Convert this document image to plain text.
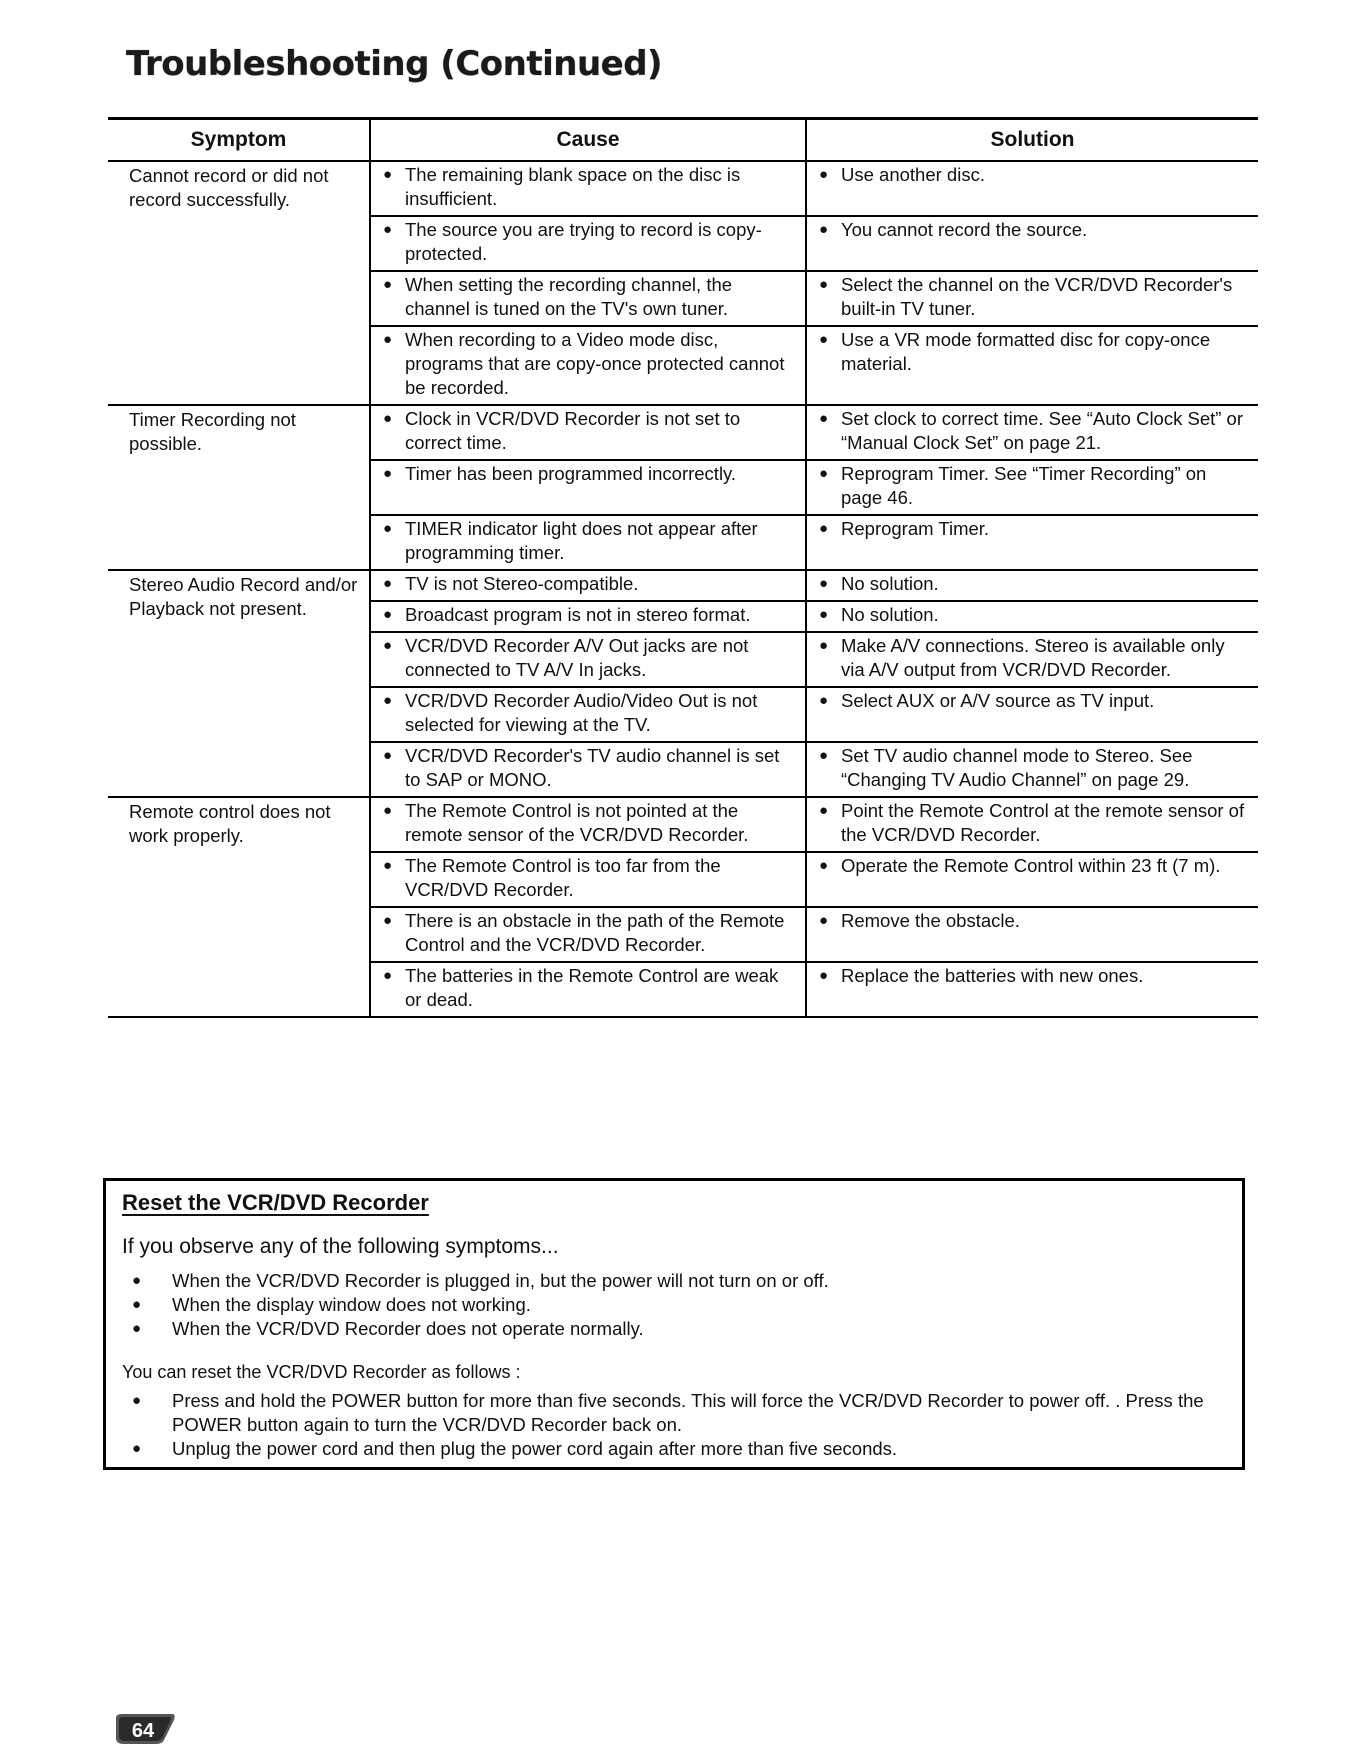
Troubleshooting (Continued)
Symptom	Cause	Solution
Cannot record or did not record successfully.	● The remaining blank space on the disc is insufficient.	● Use another disc.

	● The source you are trying to record is copy-protected.	● You cannot record the source.

	● When setting the recording channel, the channel is tuned on the TV's own tuner.	● Select the channel on the VCR/DVD Recorder's built-in TV tuner.

	● When recording to a Video mode disc, programs that are copy-once protected cannot be recorded.	● Use a VR mode formatted disc for copy-once material.

Timer Recording not possible.	● Clock in VCR/DVD Recorder is not set to correct time.	● Set clock to correct time. See “Auto Clock Set” or “Manual Clock Set” on page 21.

	● Timer has been programmed incorrectly.	● Reprogram Timer. See “Timer Recording” on page 46.

	● TIMER indicator light does not appear after programming timer.	● Reprogram Timer.

Stereo Audio Record and/or Playback not present.	● TV is not Stereo-compatible.	● No solution.

	● Broadcast program is not in stereo format.	● No solution.

	● VCR/DVD Recorder A/V Out jacks are not connected to TV A/V In jacks.	● Make A/V connections. Stereo is available only via A/V output from VCR/DVD Recorder.

	● VCR/DVD Recorder Audio/Video Out is not selected for viewing at the TV.	● Select AUX or A/V source as TV input.

	● VCR/DVD Recorder's TV audio channel is set to SAP or MONO.	● Set TV audio channel mode to Stereo. See “Changing TV Audio Channel” on page 29.

Remote control does not work properly.	● The Remote Control is not pointed at the remote sensor of the VCR/DVD Recorder.	● Point the Remote Control at the remote sensor of the VCR/DVD Recorder.

	● The Remote Control is too far from the VCR/DVD Recorder.	● Operate the Remote Control within 23 ft (7 m).

	● There is an obstacle in the path of the Remote Control and the VCR/DVD Recorder.	● Remove the obstacle.

	● The batteries in the Remote Control are weak or dead.	● Replace the batteries with new ones.
Reset the VCR/DVD Recorder
If you observe any of the following symptoms...
●	When the VCR/DVD Recorder is plugged in, but the power will not turn on or off.
●	When the display window does not working.
●	When the VCR/DVD Recorder does not operate normally.
You can reset the VCR/DVD Recorder as follows :
●	Press and hold the POWER button for more than five seconds. This will force the VCR/DVD Recorder to power off. . Press the POWER button again to turn the VCR/DVD Recorder back on.
●	Unplug the power cord and then plug the power cord again after more than five seconds.
64
